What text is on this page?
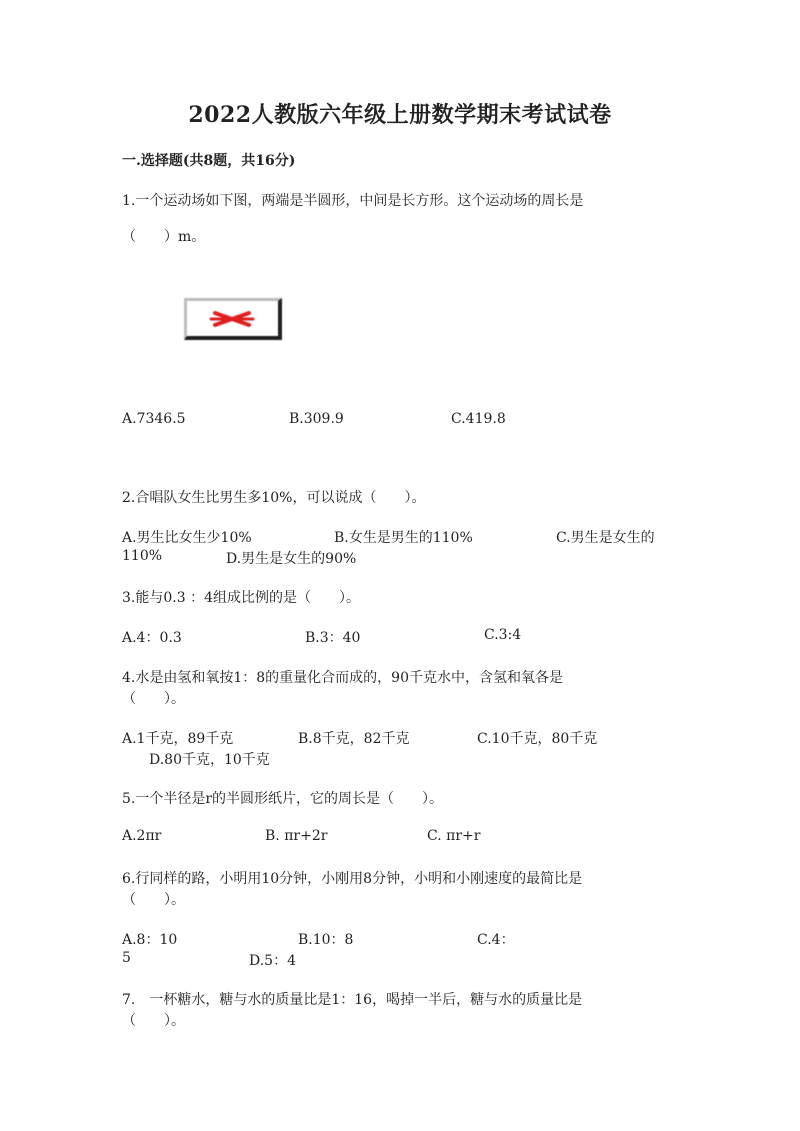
2022人教版六年级上册数学期末考试试卷
一.选择题(共8题，共16分)
1.一个运动场如下图，两端是半圆形，中间是长方形。这个运动场的周长是
（　　）m。
A.7346.5	B.309.9	C.419.8
2.合唱队女生比男生多10%，可以说成（　　）。
A.男生比女生少10%	B.女生是男生的110%	C.男生是女生的
110%	D.男生是女生的90%
3.能与0.3 ：4组成比例的是（　　）。
A.4：0.3	B.3：40	C.3:4
4.水是由氢和氧按1：8的重量化合而成的，90千克水中，含氢和氧各是
（　　）。
A.1千克，89千克	B.8千克，82千克	C.10千克，80千克
D.80千克，10千克
5.一个半径是r的半圆形纸片，它的周长是（　　）。
A.2πr	B. πr+2r	C. πr+r
6.行同样的路，小明用10分钟，小刚用8分钟，小明和小刚速度的最简比是
（　　）。
A.8：10	B.10：8	C.4：
5	D.5：4
7.　一杯糖水，糖与水的质量比是1：16，喝掉一半后，糖与水的质量比是
（　　）。
